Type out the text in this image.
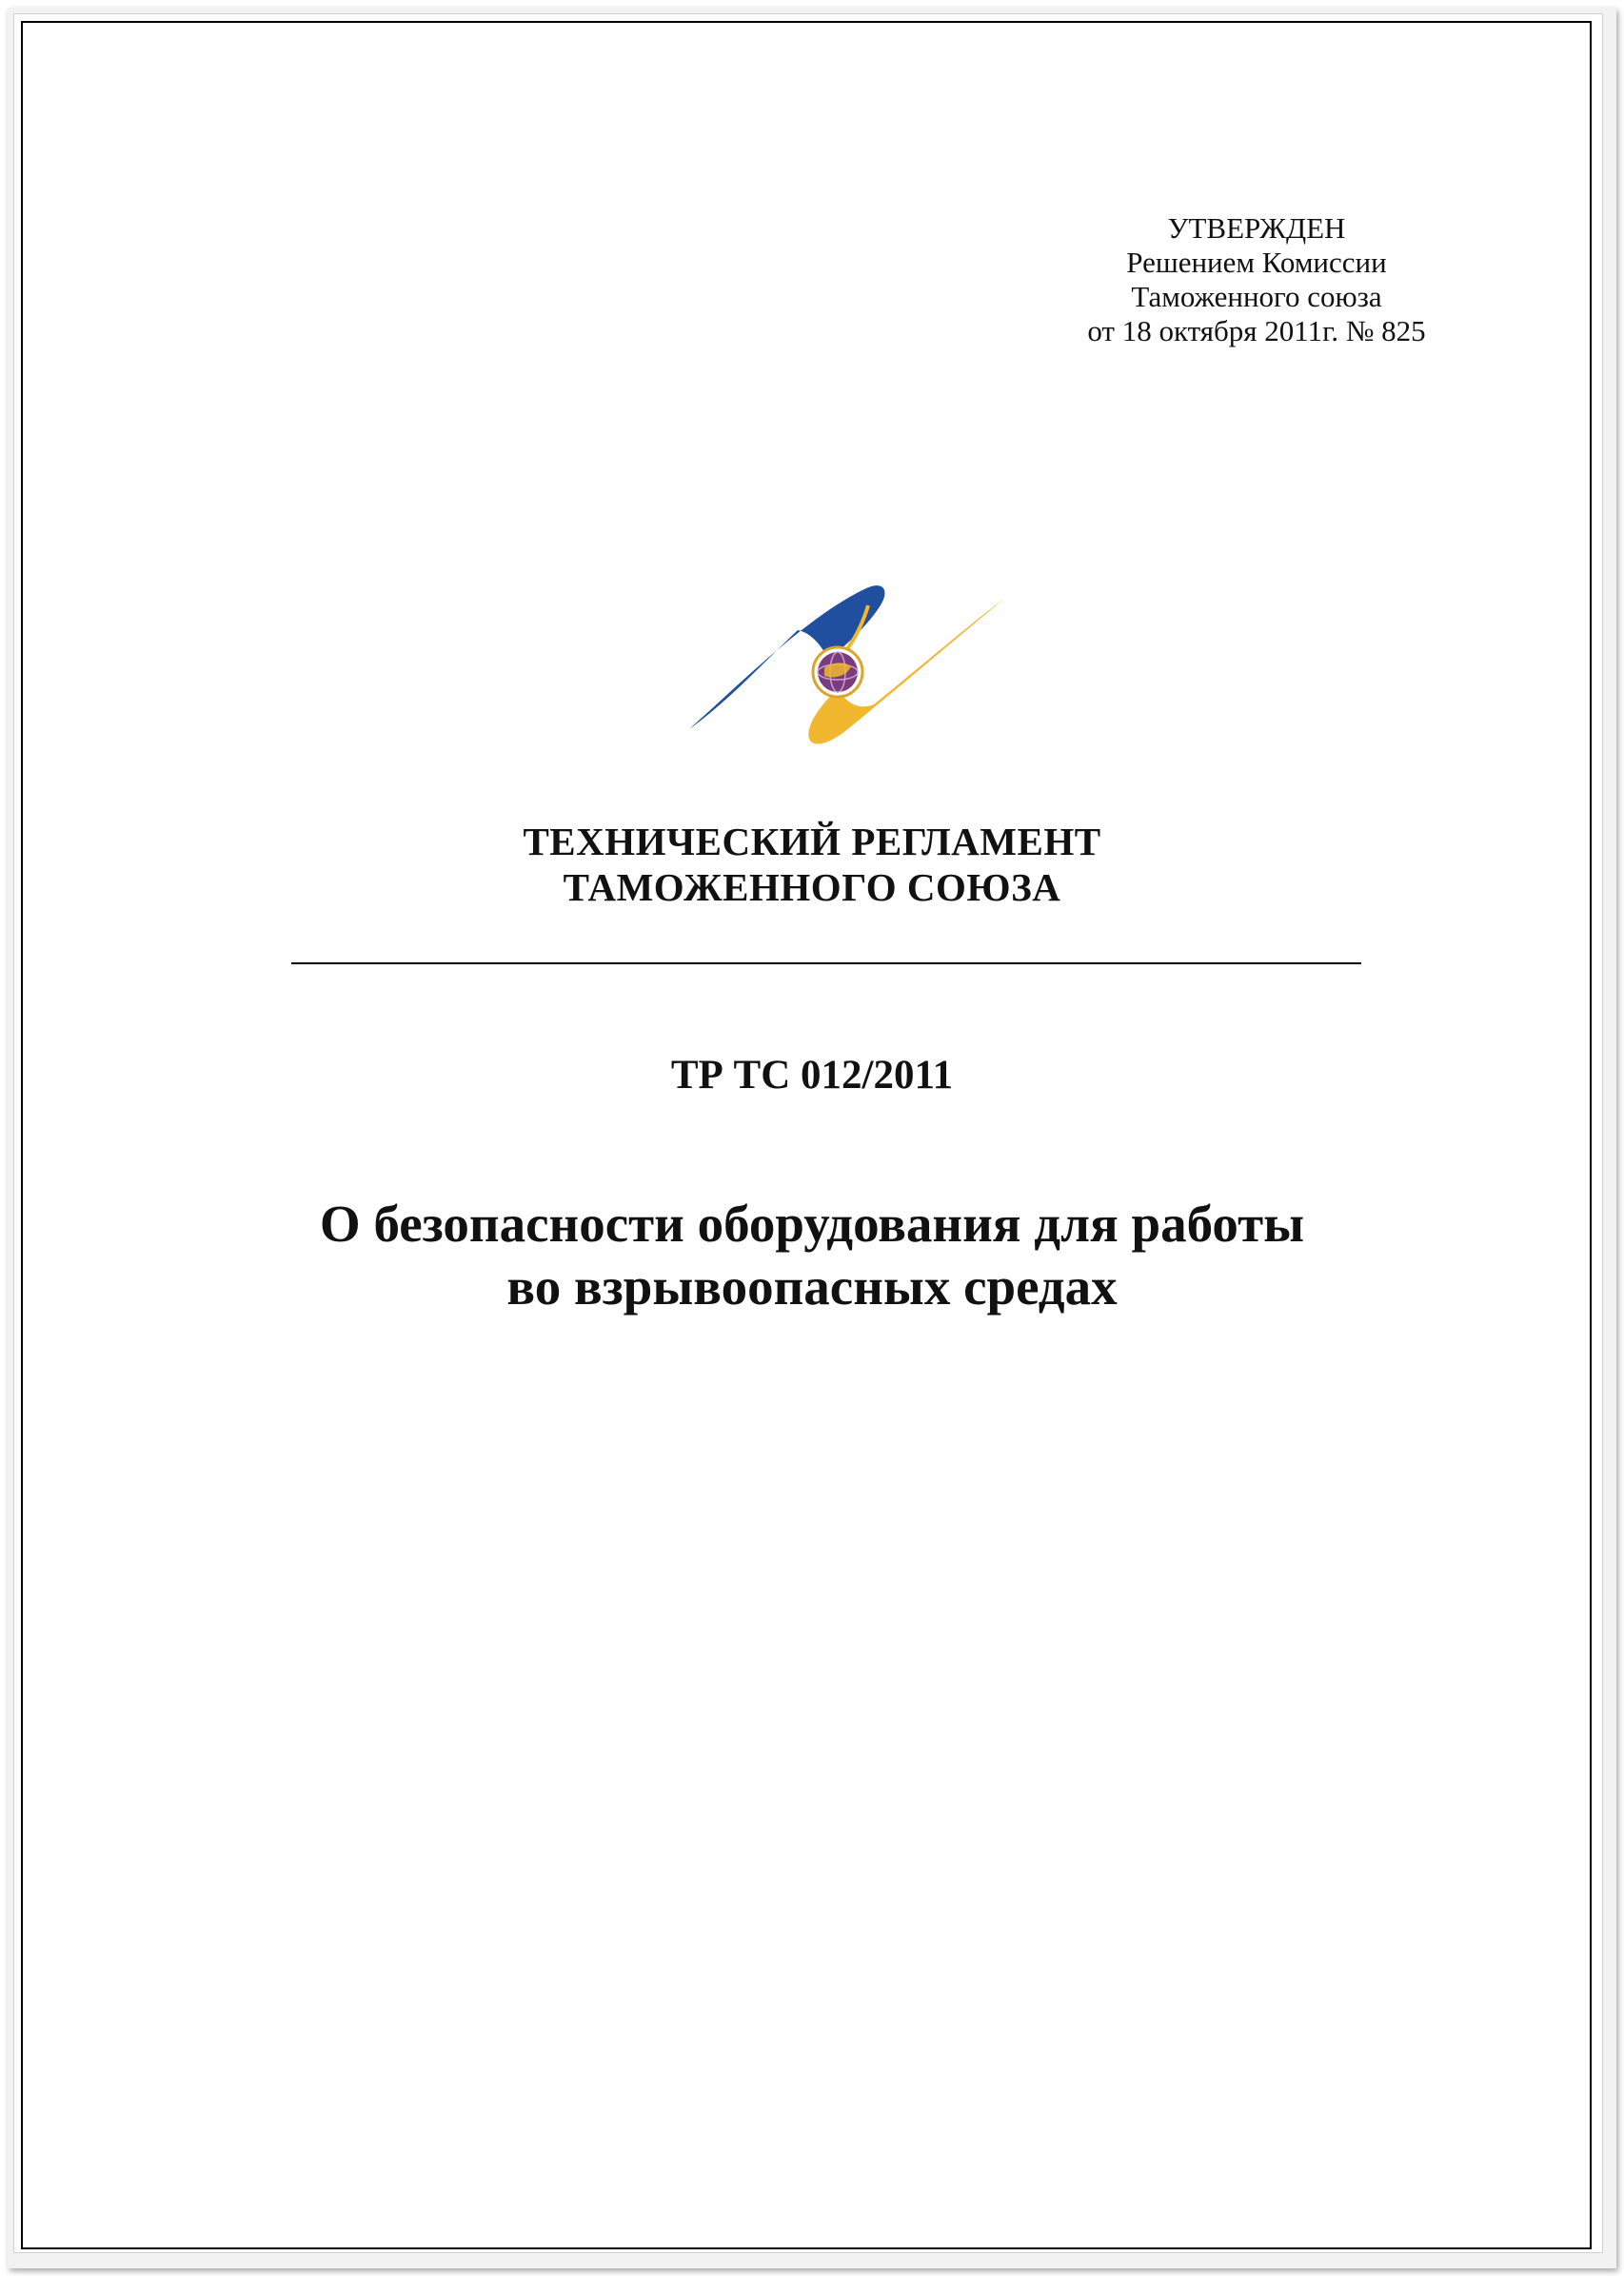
УТВЕРЖДЕН
Решением Комиссии
Таможенного союза
от 18 октября 2011г. № 825
ТЕХНИЧЕСКИЙ РЕГЛАМЕНТ
ТАМОЖЕННОГО СОЮЗА
ТР ТС 012/2011
О безопасности оборудования для работы
во взрывоопасных средах
